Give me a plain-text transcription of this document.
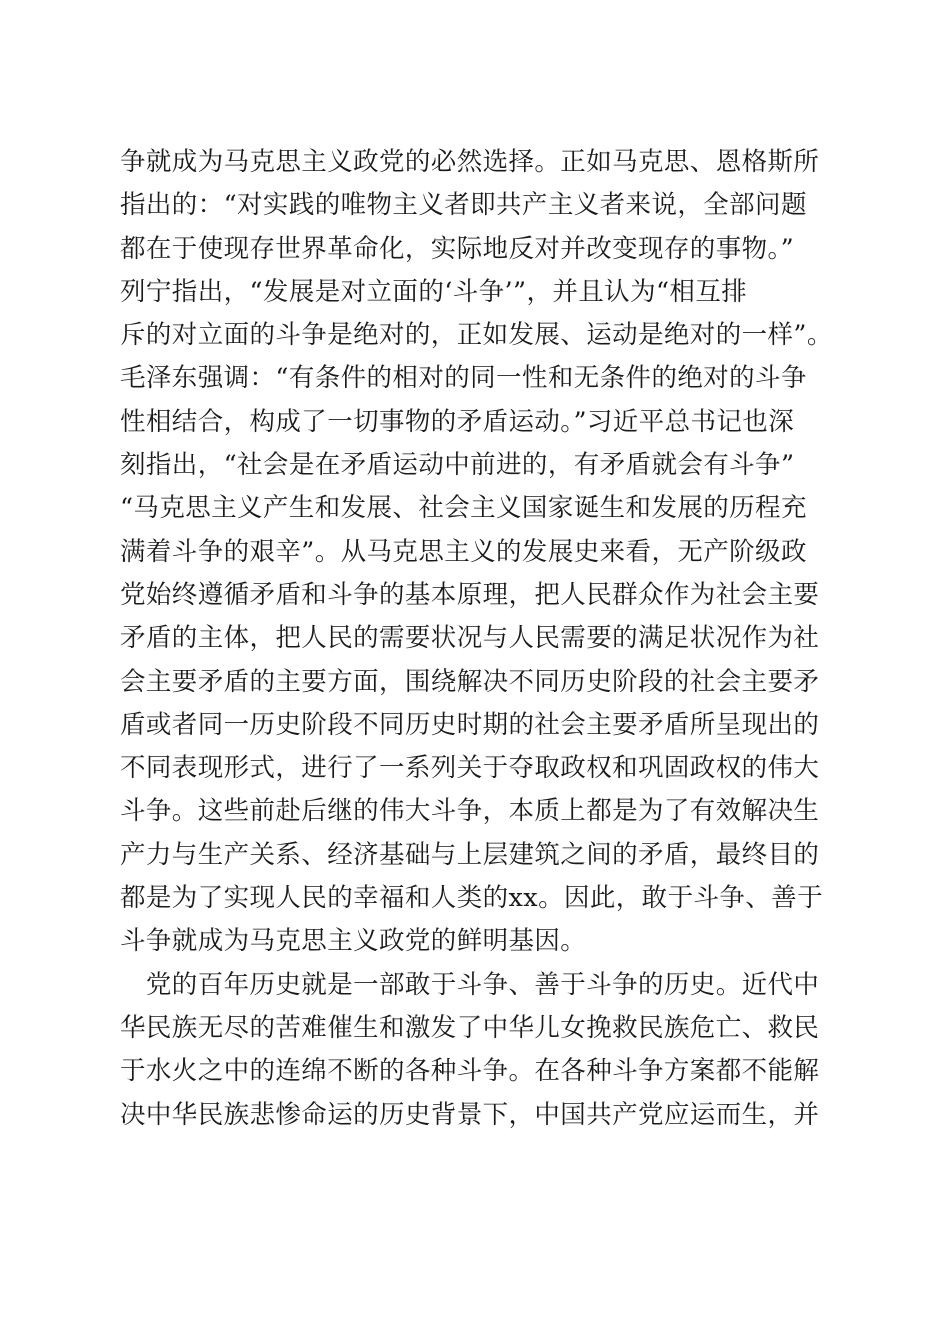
争就成为马克思主义政党的必然选择。正如马克思、恩格斯所
指出的：“对实践的唯物主义者即共产主义者来说，全部问题
都在于使现存世界革命化，实际地反对并改变现存的事物。”
列宁指出，“发展是对立面的‘斗争’”，并且认为“相互排
斥的对立面的斗争是绝对的，正如发展、运动是绝对的一样”。
毛泽东强调：“有条件的相对的同一性和无条件的绝对的斗争
性相结合，构成了一切事物的矛盾运动。”习近平总书记也深
刻指出，“社会是在矛盾运动中前进的，有矛盾就会有斗争”
“马克思主义产生和发展、社会主义国家诞生和发展的历程充
满着斗争的艰辛”。从马克思主义的发展史来看，无产阶级政
党始终遵循矛盾和斗争的基本原理，把人民群众作为社会主要
矛盾的主体，把人民的需要状况与人民需要的满足状况作为社
会主要矛盾的主要方面，围绕解决不同历史阶段的社会主要矛
盾或者同一历史阶段不同历史时期的社会主要矛盾所呈现出的
不同表现形式，进行了一系列关于夺取政权和巩固政权的伟大
斗争。这些前赴后继的伟大斗争，本质上都是为了有效解决生
产力与生产关系、经济基础与上层建筑之间的矛盾，最终目的
都是为了实现人民的幸福和人类的xx。因此，敢于斗争、善于
斗争就成为马克思主义政党的鲜明基因。
　党的百年历史就是一部敢于斗争、善于斗争的历史。近代中
华民族无尽的苦难催生和激发了中华儿女挽救民族危亡、救民
于水火之中的连绵不断的各种斗争。在各种斗争方案都不能解
决中华民族悲惨命运的历史背景下，中国共产党应运而生，并
